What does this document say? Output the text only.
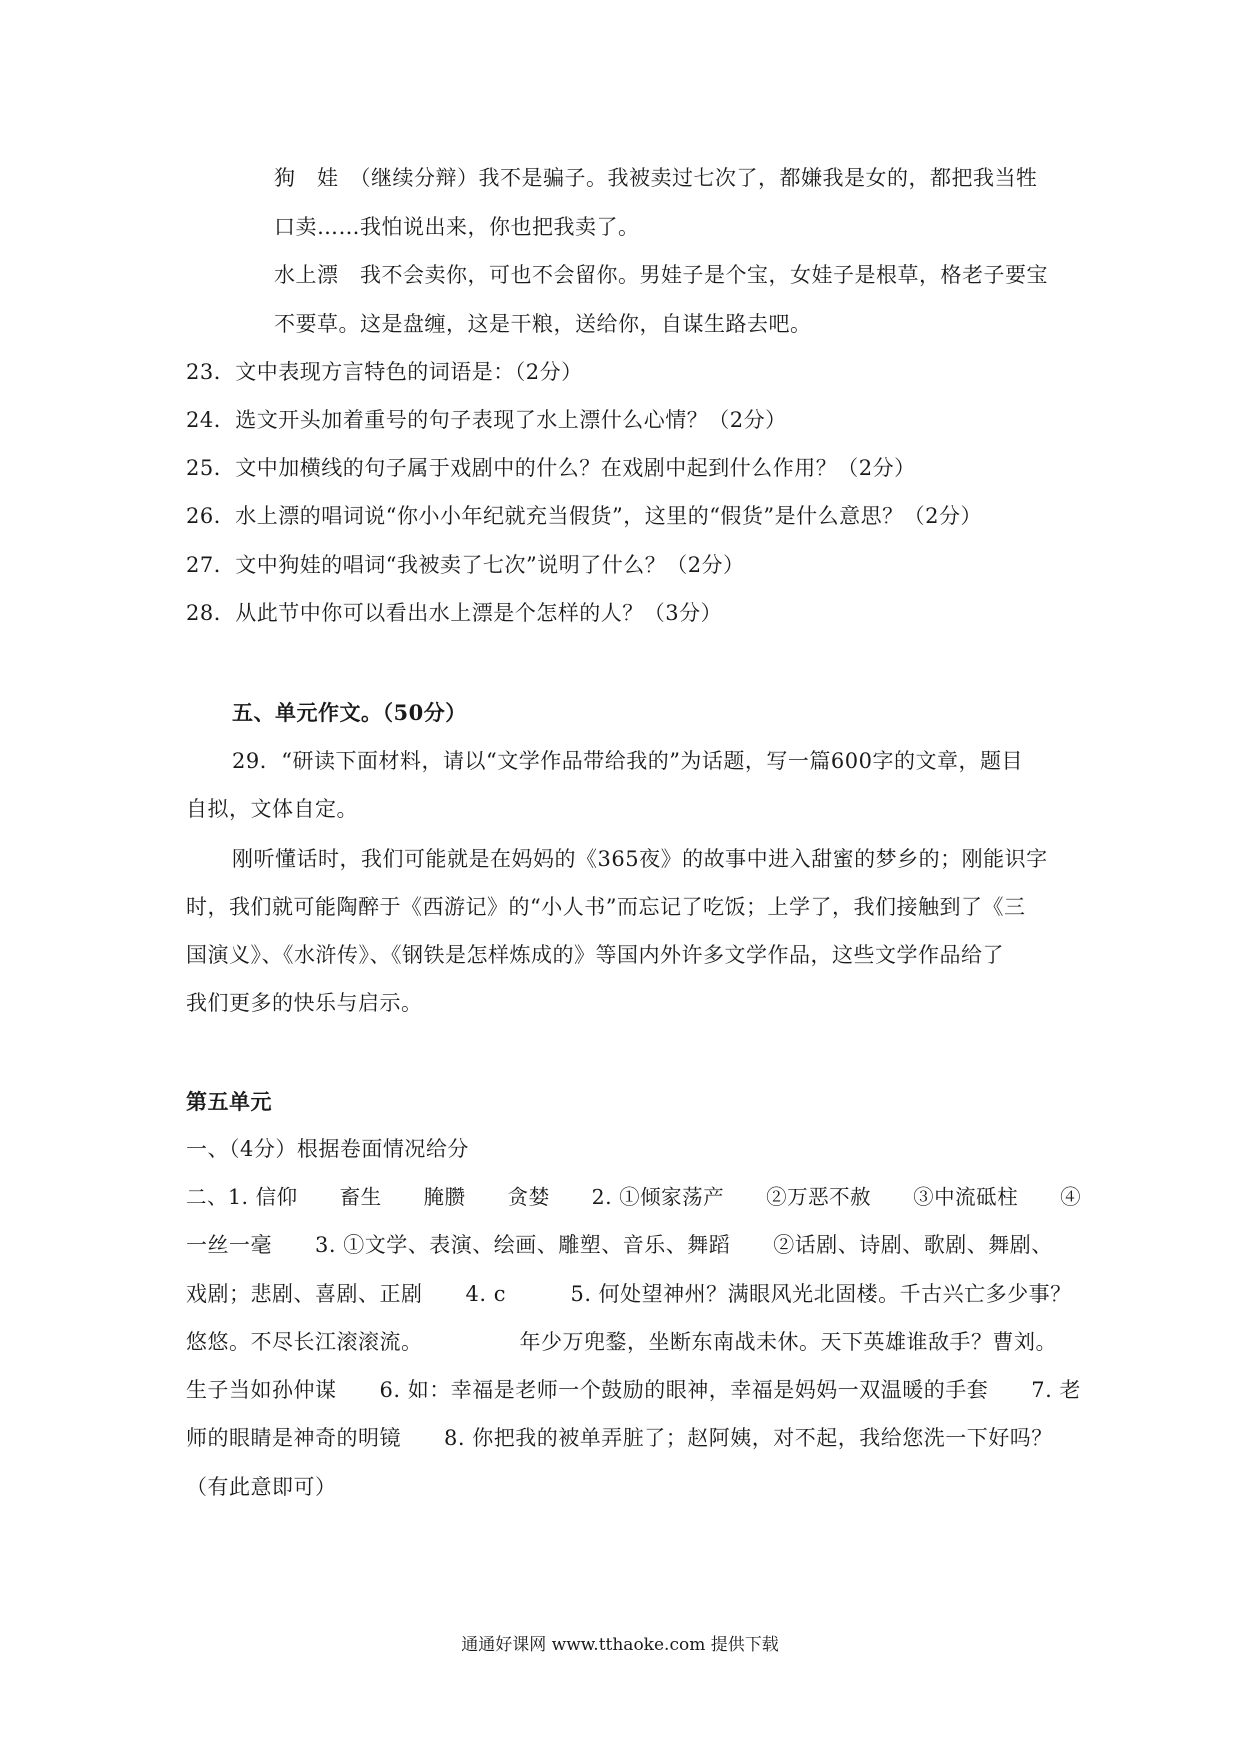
狗　娃　（继续分辩）我不是骗子。我被卖过七次了，都嫌我是女的，都把我当牲
口卖……我怕说出来，你也把我卖了。
水上漂　我不会卖你，可也不会留你。男娃子是个宝，女娃子是根草，格老子要宝
不要草。这是盘缠，这是干粮，送给你，自谋生路去吧。
23．文中表现方言特色的词语是：（2分）
24．选文开头加着重号的句子表现了水上漂什么心情？（2分）
25．文中加横线的句子属于戏剧中的什么？在戏剧中起到什么作用？（2分）
26．水上漂的唱词说“你小小年纪就充当假货”，这里的“假货”是什么意思？（2分）
27．文中狗娃的唱词“我被卖了七次”说明了什么？（2分）
28．从此节中你可以看出水上漂是个怎样的人？（3分）
五、单元作文。（50分）
29．“研读下面材料，请以“文学作品带给我的”为话题，写一篇600字的文章，题目
自拟，文体自定。
刚听懂话时，我们可能就是在妈妈的《365夜》的故事中进入甜蜜的梦乡的；刚能识字
时，我们就可能陶醉于《西游记》的“小人书”而忘记了吃饭；上学了，我们接触到了《三
国演义》、《水浒传》、《钢铁是怎样炼成的》等国内外许多文学作品，这些文学作品给了
我们更多的快乐与启示。
第五单元
一、（4分）根据卷面情况给分
二、1. 信仰　　畜生　　腌臜　　贪婪　　2. ①倾家荡产　　②万恶不赦　　③中流砥柱　　④
一丝一毫　　3. ①文学、表演、绘画、雕塑、音乐、舞蹈　　②话剧、诗剧、歌剧、舞剧、
戏剧；悲剧、喜剧、正剧　　4. c　　　5. 何处望神州？满眼风光北固楼。千古兴亡多少事？
悠悠。不尽长江滚滚流。　　　　　年少万兜鍪，坐断东南战未休。天下英雄谁敌手？曹刘。
生子当如孙仲谋　　6. 如：幸福是老师一个鼓励的眼神，幸福是妈妈一双温暖的手套　　7. 老
师的眼睛是神奇的明镜　　8. 你把我的被单弄脏了；赵阿姨，对不起，我给您洗一下好吗？
（有此意即可）
通通好课网 www.tthaoke.com 提供下载
